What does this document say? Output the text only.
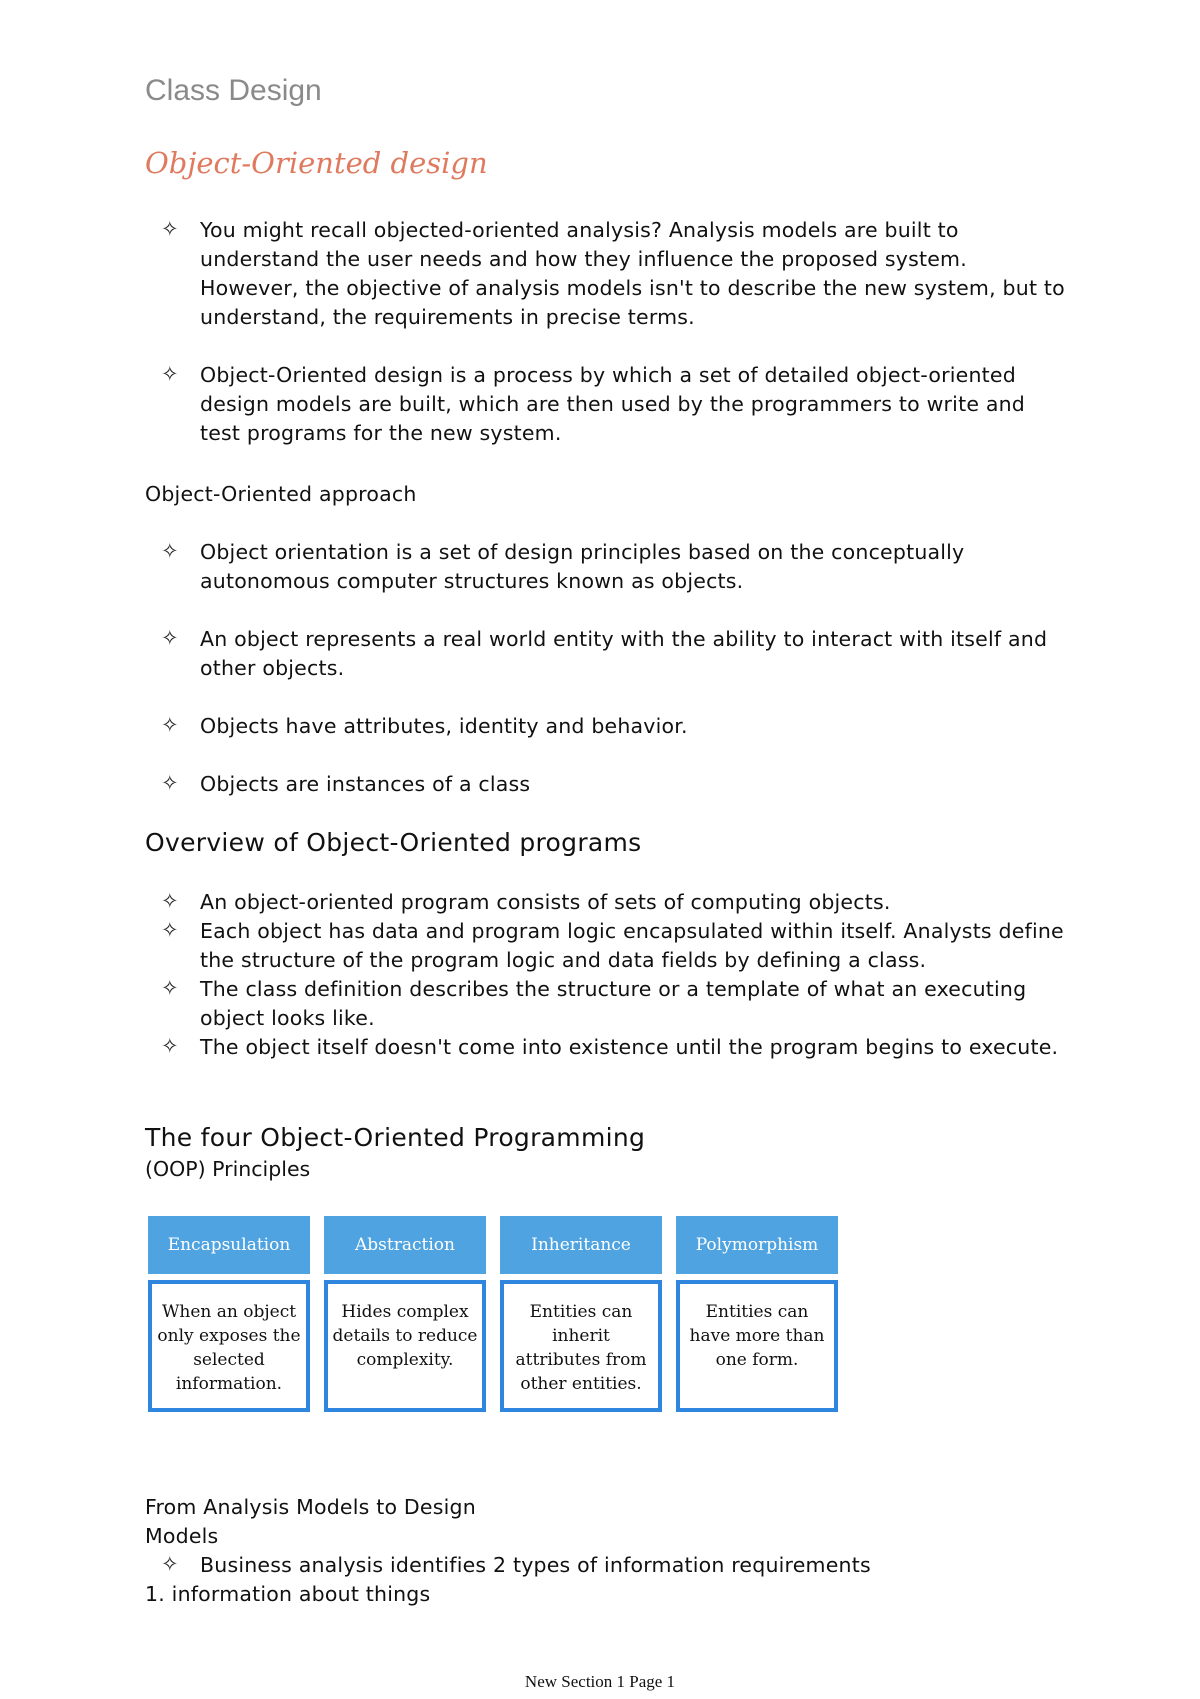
Class Design
Object-Oriented design
✧ You might recall objected-oriented analysis? Analysis models are built to understand the user needs and how they influence the proposed system. However, the objective of analysis models isn't to describe the new system, but to understand, the requirements in precise terms.
✧ Object-Oriented design is a process by which a set of detailed object-oriented design models are built, which are then used by the programmers to write and test programs for the new system.
Object-Oriented approach
✧ Object orientation is a set of design principles based on the conceptually autonomous computer structures known as objects.
✧ An object represents a real world entity with the ability to interact with itself and other objects.
✧ Objects have attributes, identity and behavior.
✧ Objects are instances of a class
Overview of Object-Oriented programs
✧ An object-oriented program consists of sets of computing objects.
✧ Each object has data and program logic encapsulated within itself. Analysts define the structure of the program logic and data fields by defining a class.
✧ The class definition describes the structure or a template of what an executing object looks like.
✧ The object itself doesn't come into existence until the program begins to execute.
The four Object-Oriented Programming
(OOP) Principles
Encapsulation
When an object only exposes the selected information.
Abstraction
Hides complex details to reduce complexity.
Inheritance
Entities can inherit attributes from other entities.
Polymorphism
Entities can have more than one form.
From Analysis Models to Design
Models
✧ Business analysis identifies 2 types of information requirements
1. information about things
New Section 1 Page 1
